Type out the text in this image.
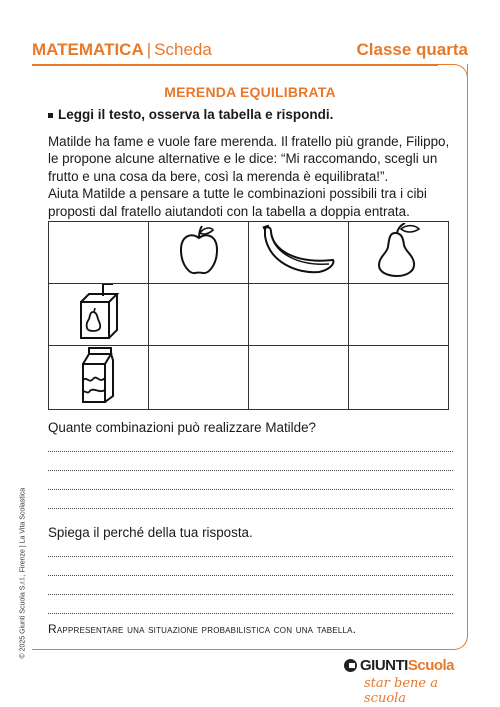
MATEMATICA | Scheda	Classe quarta
MERENDA EQUILIBRATA
Leggi il testo, osserva la tabella e rispondi.

Matilde ha fame e vuole fare merenda. Il fratello più grande, Filippo, le propone alcune alternative e le dice: “Mi raccomando, scegli un frutto e una cosa da bere, così la merenda è equilibrata!”.

Aiuta Matilde a pensare a tutte le combinazioni possibili tra i cibi proposti dal fratello aiutandoti con la tabella a doppia entrata.

Quante combinazioni può realizzare Matilde?
Spiega il perché della tua risposta.
Rappresentare una situazione probabilistica con una tabella.
© 2025 Giunti Scuola S.r.l., Firenze | La Vita Scolastica
GIUNTIScuola
star bene a scuola
